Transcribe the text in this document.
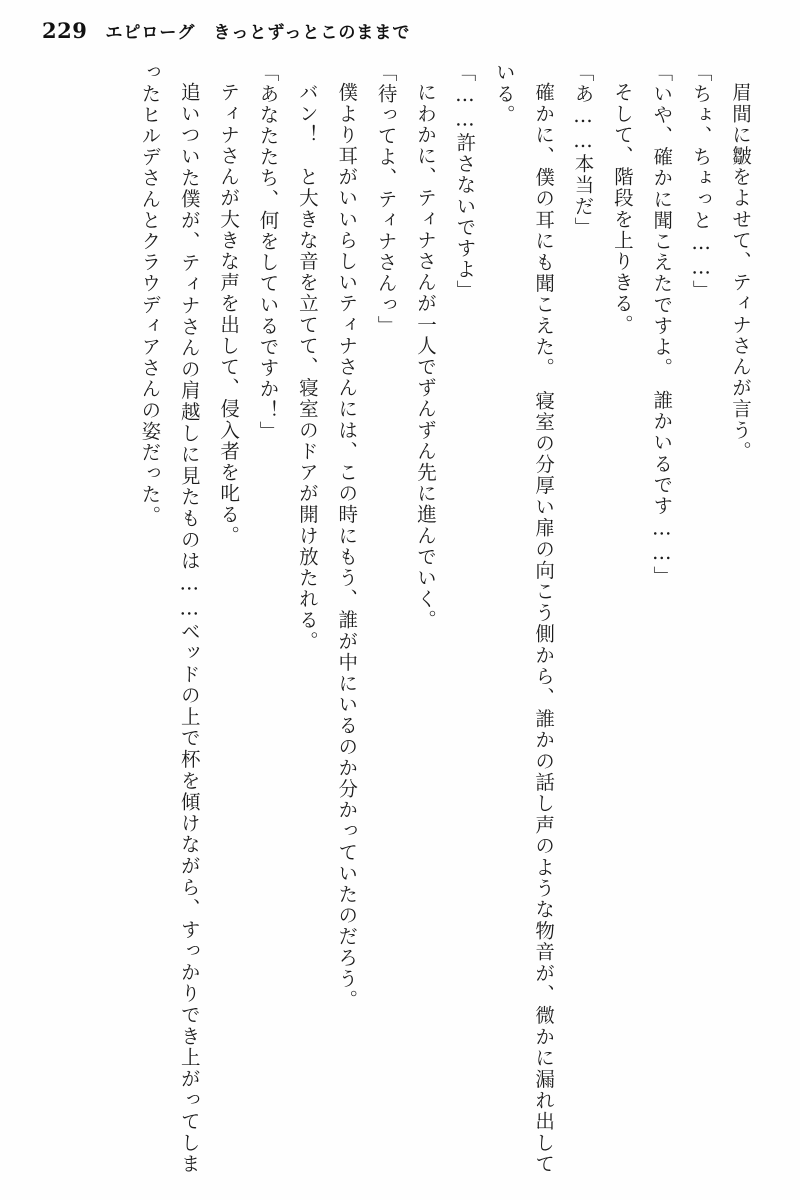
229 エピローグ　きっとずっとこのままで

眉間に皺をよせて、ティナさんが言う。

「ちょ、ちょっと……」

「いや、確かに聞こえたですよ。　誰かいるです……」

そして、階段を上りきる。

「あ……本当だ」

確かに、僕の耳にも聞こえた。　寝室の分厚い扉の向こう側から、誰かの話し声のような物音が、微かに漏れ出している。

「……許さないですよ」

にわかに、ティナさんが一人でずんずん先に進んでいく。

「待ってよ、ティナさんっ」

僕より耳がいいらしいティナさんには、この時にもう、誰が中にいるのか分かっていたのだろう。

バン！　と大きな音を立てて、寝室のドアが開け放たれる。

「あなたたち、何をしているですか！」

ティナさんが大きな声を出して、侵入者を叱る。

追いついた僕が、ティナさんの肩越しに見たものは……ベッドの上で杯を傾けながら、すっかりでき上がってしまったヒルデさんとクラウディアさんの姿だった。
